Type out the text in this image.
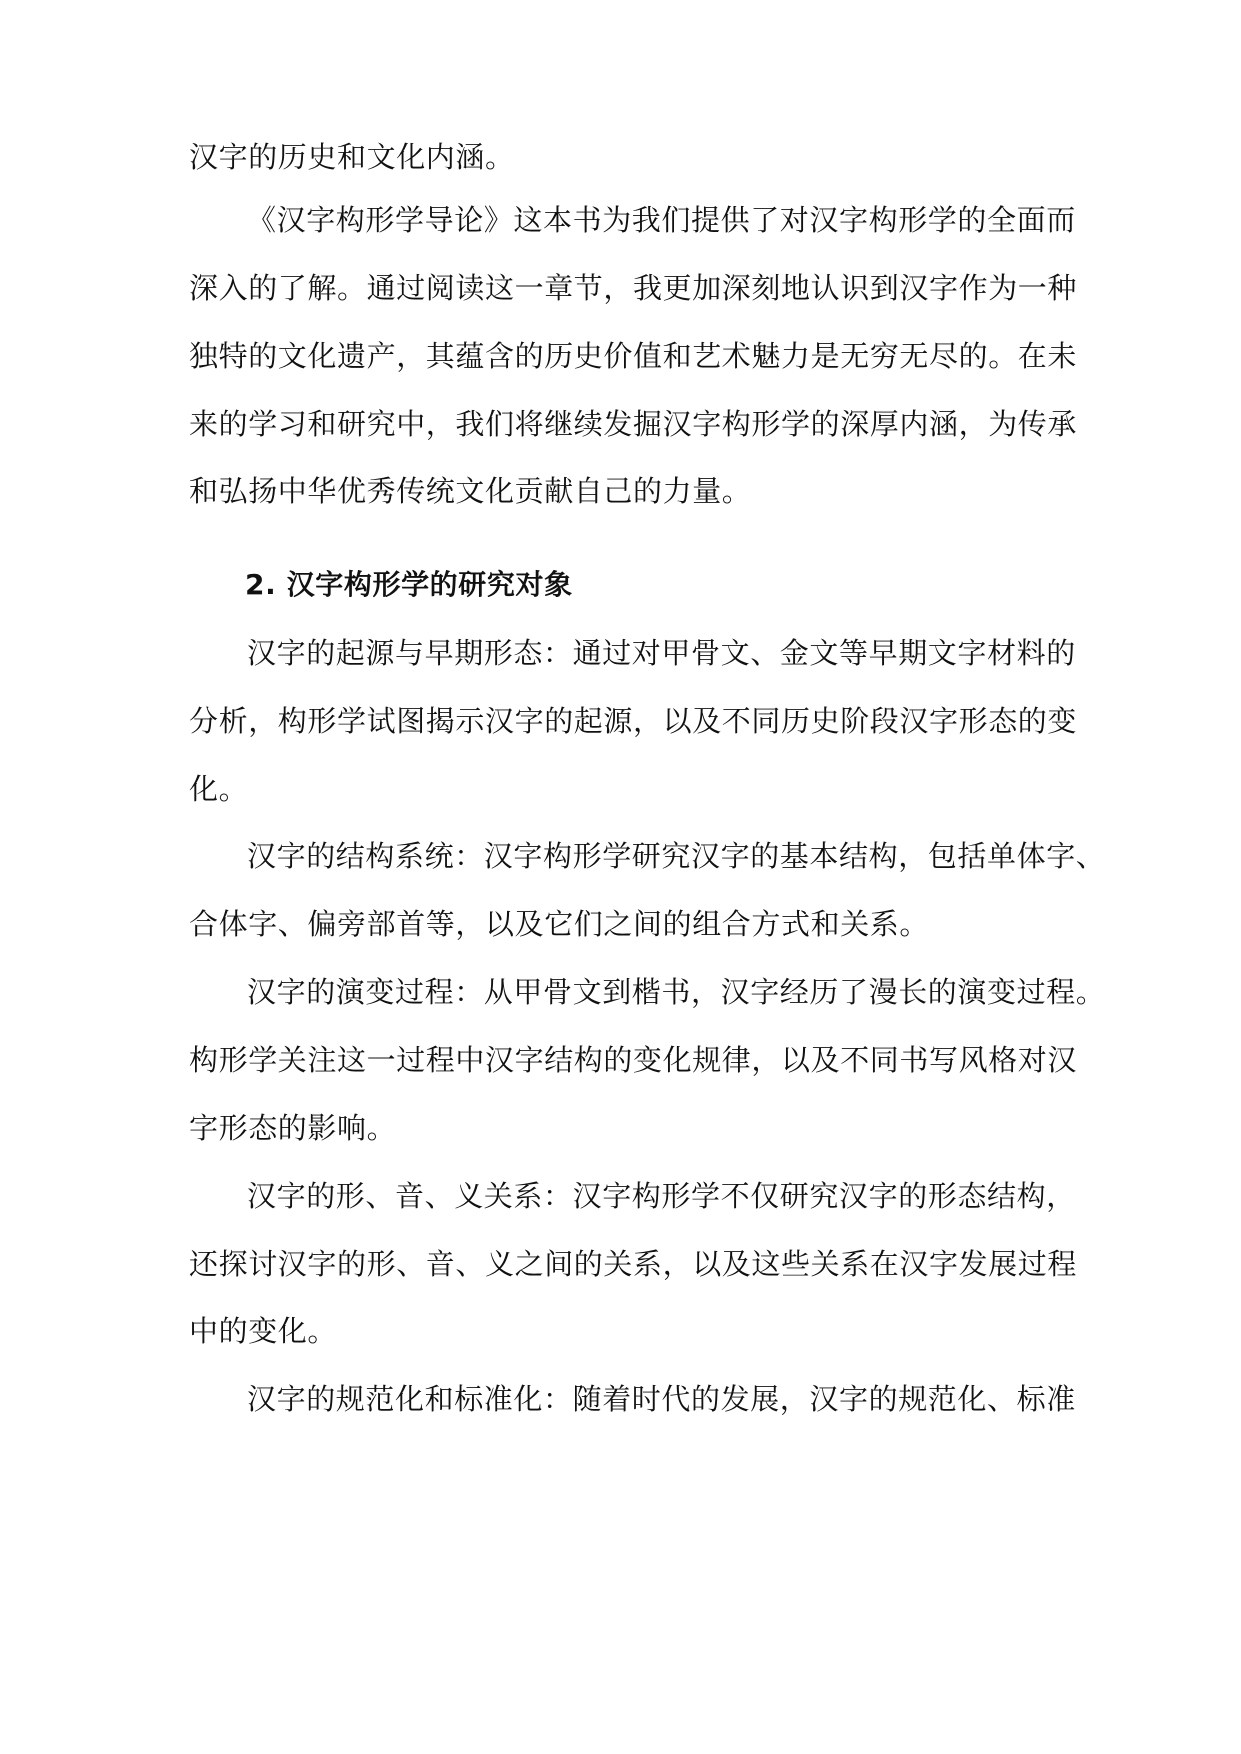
汉字的历史和文化内涵。
《汉字构形学导论》这本书为我们提供了对汉字构形学的全面而
深入的了解。通过阅读这一章节，我更加深刻地认识到汉字作为一种
独特的文化遗产，其蕴含的历史价值和艺术魅力是无穷无尽的。在未
来的学习和研究中，我们将继续发掘汉字构形学的深厚内涵，为传承
和弘扬中华优秀传统文化贡献自己的力量。
2. 汉字构形学的研究对象
汉字的起源与早期形态：通过对甲骨文、金文等早期文字材料的
分析，构形学试图揭示汉字的起源，以及不同历史阶段汉字形态的变
化。
汉字的结构系统：汉字构形学研究汉字的基本结构，包括单体字、
合体字、偏旁部首等，以及它们之间的组合方式和关系。
汉字的演变过程：从甲骨文到楷书，汉字经历了漫长的演变过程。
构形学关注这一过程中汉字结构的变化规律，以及不同书写风格对汉
字形态的影响。
汉字的形、音、义关系：汉字构形学不仅研究汉字的形态结构，
还探讨汉字的形、音、义之间的关系，以及这些关系在汉字发展过程
中的变化。
汉字的规范化和标准化：随着时代的发展，汉字的规范化、标准
